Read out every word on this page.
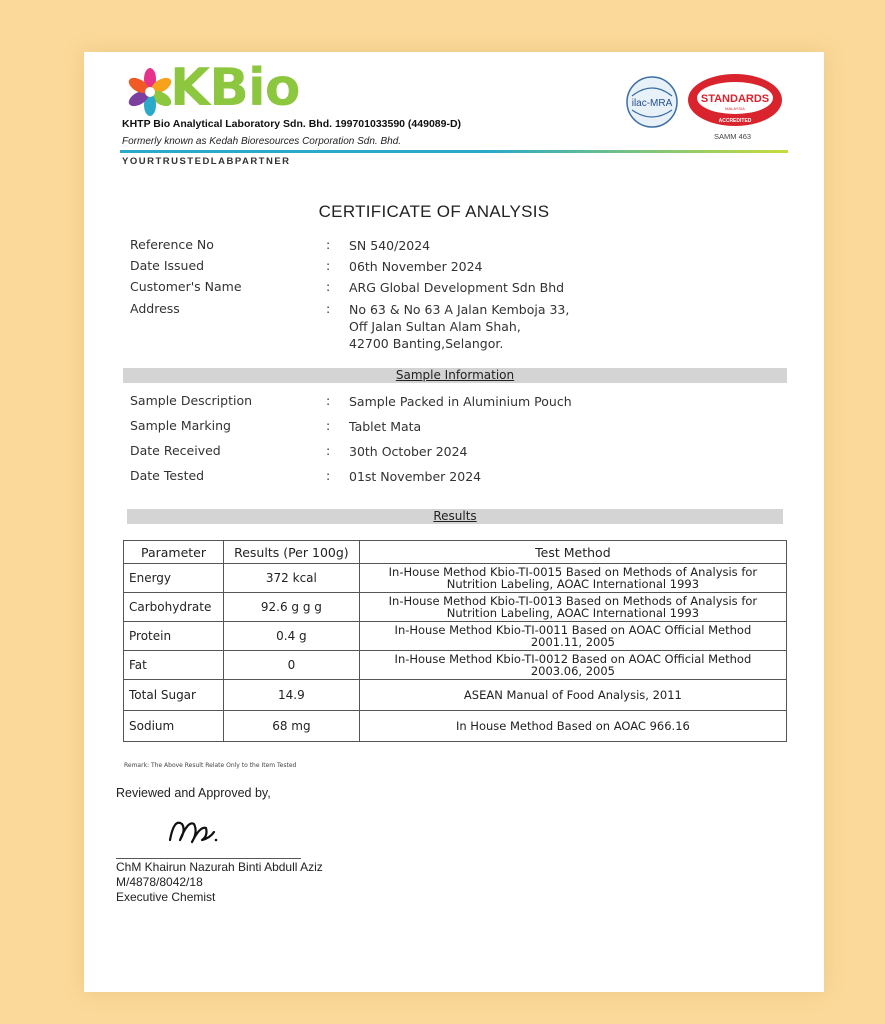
KBio
KHTP Bio Analytical Laboratory Sdn. Bhd. 199701033590 (449089-D)
Formerly known as Kedah Bioresources Corporation Sdn. Bhd.
YOURTRUSTEDLABPARTNER
ilac-MRA	STANDARDS
MALAYSIA
ACCREDITED
SAMM 463
CERTIFICATE OF ANALYSIS
Reference No	: SN 540/2024
Date Issued	: 06th November 2024
Customer's Name	: ARG Global Development Sdn Bhd
Address	: No 63 & No 63 A Jalan Kemboja 33,
Off Jalan Sultan Alam Shah,
42700 Banting,Selangor.
Sample Information
Sample Description	: Sample Packed in Aluminium Pouch
Sample Marking	: Tablet Mata
Date Received	: 30th October 2024
Date Tested	: 01st November 2024
Results
Parameter	Results (Per 100g)	Test Method
Energy	372 kcal	In-House Method Kbio-TI-0015 Based on Methods of Analysis for
Nutrition Labeling, AOAC International 1993

Carbohydrate	92.6 g g g	In-House Method Kbio-TI-0013 Based on Methods of Analysis for
Nutrition Labeling, AOAC International 1993

Protein	0.4 g	In-House Method Kbio-TI-0011 Based on AOAC Official Method
2001.11, 2005

Fat	0	In-House Method Kbio-TI-0012 Based on AOAC Official Method
2003.06, 2005

Total Sugar	14.9	ASEAN Manual of Food Analysis, 2011

Sodium	68 mg	In House Method Based on AOAC 966.16
Remark: The Above Result Relate Only to the Item Tested
Reviewed and Approved by,
ChM Khairun Nazurah Binti Abdull Aziz
M/4878/8042/18
Executive Chemist
